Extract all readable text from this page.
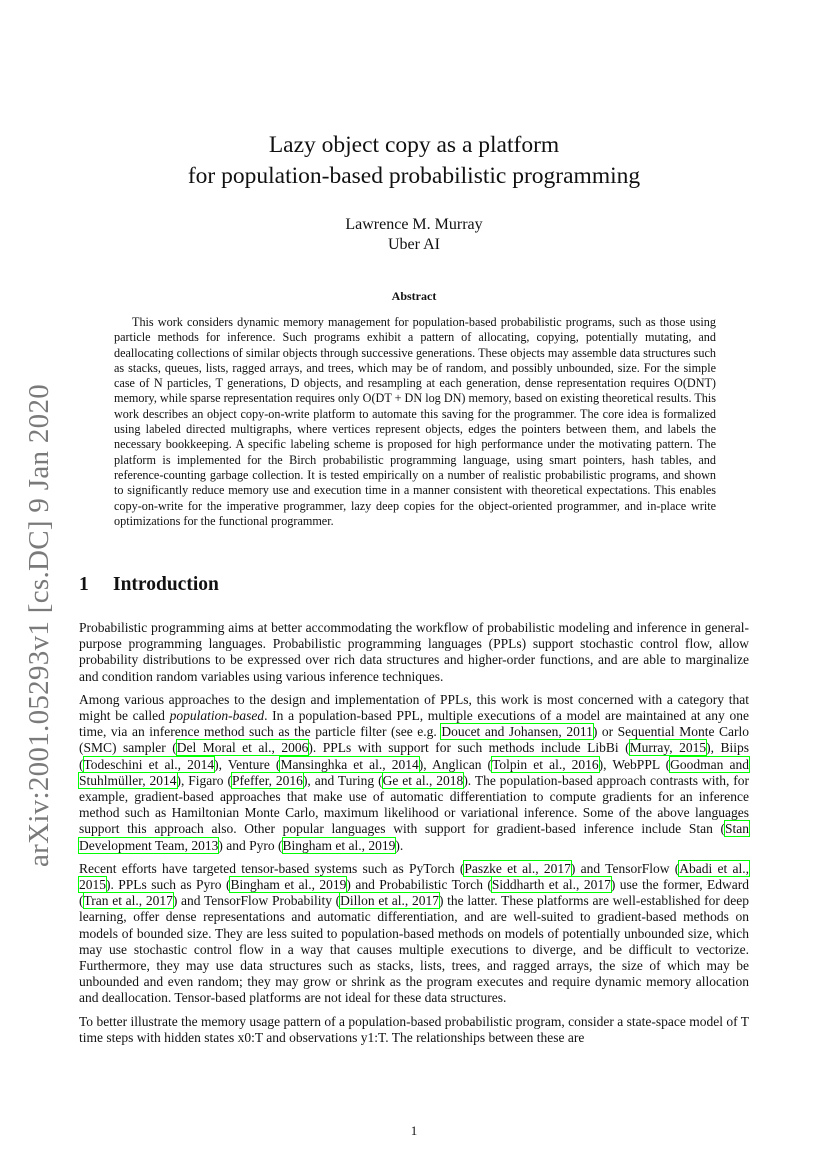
arXiv:2001.05293v1 [cs.DC] 9 Jan 2020
Lazy object copy as a platform
for population-based probabilistic programming
Lawrence M. Murray
Uber AI
Abstract

This work considers dynamic memory management for population-based probabilistic programs, such as those using particle methods for inference. Such programs exhibit a pattern of allocating, copying, potentially mutating, and deallocating collections of similar objects through successive generations. These objects may assemble data structures such as stacks, queues, lists, ragged arrays, and trees, which may be of random, and possibly unbounded, size. For the simple case of N particles, T generations, D objects, and resampling at each generation, dense representation requires O(DNT) memory, while sparse representation requires only O(DT + DN log DN) memory, based on existing theoretical results. This work describes an object copy-on-write platform to automate this saving for the programmer. The core idea is formalized using labeled directed multigraphs, where vertices represent objects, edges the pointers between them, and labels the necessary bookkeeping. A specific labeling scheme is proposed for high performance under the motivating pattern. The platform is implemented for the Birch probabilistic programming language, using smart pointers, hash tables, and reference-counting garbage collection. It is tested empirically on a number of realistic probabilistic programs, and shown to significantly reduce memory use and execution time in a manner consistent with theoretical expectations. This enables copy-on-write for the imperative programmer, lazy deep copies for the object-oriented programmer, and in-place write optimizations for the functional programmer.

1 Introduction

Probabilistic programming aims at better accommodating the workflow of probabilistic modeling and inference in general-purpose programming languages. Probabilistic programming languages (PPLs) support stochastic control flow, allow probability distributions to be expressed over rich data structures and higher-order functions, and are able to marginalize and condition random variables using various inference techniques.

Among various approaches to the design and implementation of PPLs, this work is most concerned with a category that might be called population-based. In a population-based PPL, multiple executions of a model are maintained at any one time, via an inference method such as the particle filter (see e.g. Doucet and Johansen, 2011) or Sequential Monte Carlo (SMC) sampler (Del Moral et al., 2006). PPLs with support for such methods include LibBi (Murray, 2015), Biips (Todeschini et al., 2014), Venture (Mansinghka et al., 2014), Anglican (Tolpin et al., 2016), WebPPL (Goodman and Stuhlmüller, 2014), Figaro (Pfeffer, 2016), and Turing (Ge et al., 2018). The population-based approach contrasts with, for example, gradient-based approaches that make use of automatic differentiation to compute gradients for an inference method such as Hamiltonian Monte Carlo, maximum likelihood or variational inference. Some of the above languages support this approach also. Other popular languages with support for gradient-based inference include Stan (Stan Development Team, 2013) and Pyro (Bingham et al., 2019).

Recent efforts have targeted tensor-based systems such as PyTorch (Paszke et al., 2017) and TensorFlow (Abadi et al., 2015). PPLs such as Pyro (Bingham et al., 2019) and Probabilistic Torch (Siddharth et al., 2017) use the former, Edward (Tran et al., 2017) and TensorFlow Probability (Dillon et al., 2017) the latter. These platforms are well-established for deep learning, offer dense representations and automatic differentiation, and are well-suited to gradient-based methods on models of bounded size. They are less suited to population-based methods on models of potentially unbounded size, which may use stochastic control flow in a way that causes multiple executions to diverge, and be difficult to vectorize. Furthermore, they may use data structures such as stacks, lists, trees, and ragged arrays, the size of which may be unbounded and even random; they may grow or shrink as the program executes and require dynamic memory allocation and deallocation. Tensor-based platforms are not ideal for these data structures.

To better illustrate the memory usage pattern of a population-based probabilistic program, consider a state-space model of T time steps with hidden states x0:T and observations y1:T. The relationships between these are

1
